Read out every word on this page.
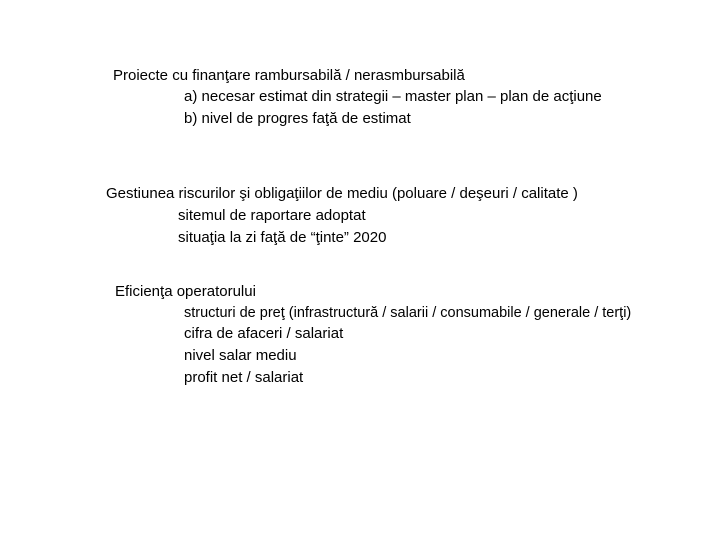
Proiecte cu finanţare rambursabilă / nerasmbursabilă
a) necesar estimat din strategii – master plan – plan de acţiune
b) nivel de progres faţă de estimat
Gestiunea riscurilor şi obligaţiilor de mediu (poluare / deşeuri / calitate )
sitemul de raportare adoptat
situaţia la zi faţă de “ţinte” 2020
Eficienţa operatorului
structuri de preţ (infrastructură / salarii / consumabile / generale / terţi)
cifra de afaceri / salariat
nivel salar mediu
profit net / salariat
